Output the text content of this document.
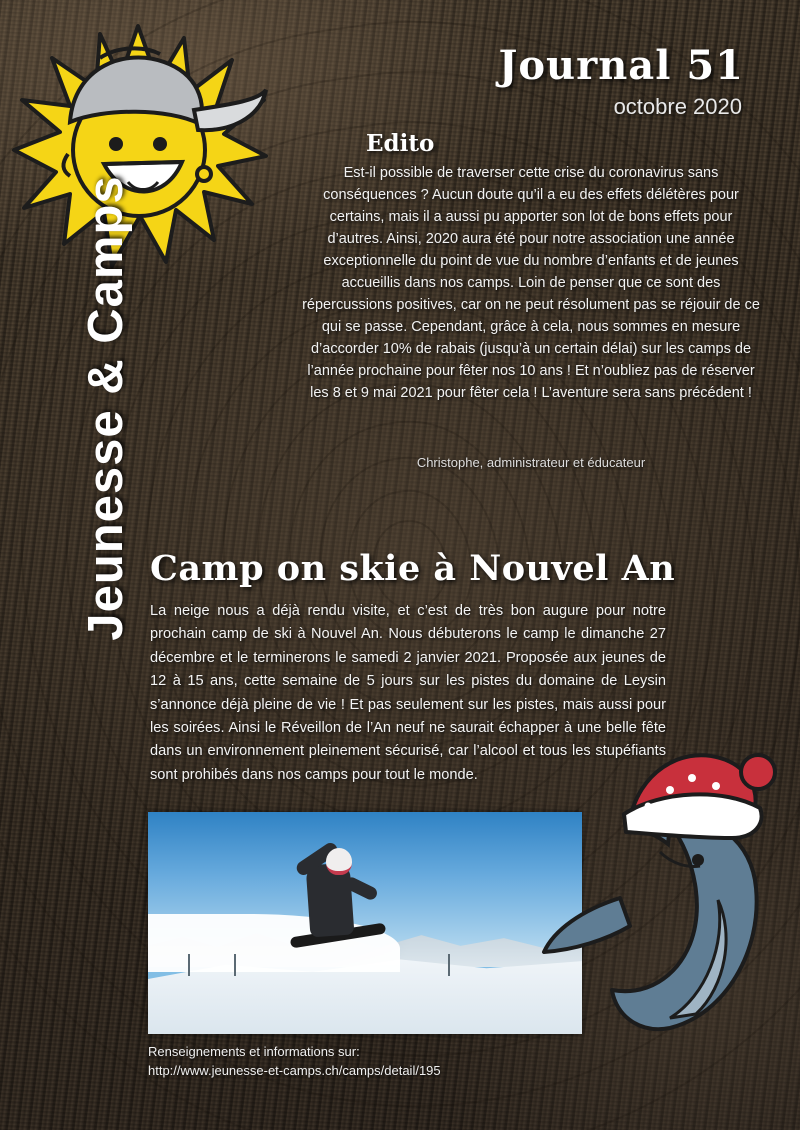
Jeunesse & Camps
Journal 51
octobre 2020
Edito
Est-il possible de traverser cette crise du coronavirus sans conséquences ? Aucun doute qu’il a eu des effets délétères pour certains, mais il a aussi pu apporter son lot de bons effets pour d’autres. Ainsi, 2020 aura été pour notre association une année exceptionnelle du point de vue du nombre d’enfants et de jeunes accueillis dans nos camps. Loin de penser que ce sont des répercussions positives, car on ne peut résolument pas se réjouir de ce qui se passe. Cependant, grâce à cela, nous sommes en mesure d’accorder 10% de rabais (jusqu’à un certain délai) sur les camps de l’année prochaine pour fêter nos 10 ans ! Et n’oubliez pas de réserver les 8 et 9 mai 2021 pour fêter cela ! L’aventure sera sans précédent !
Christophe, administrateur et éducateur
Camp on skie à Nouvel An
La neige nous a déjà rendu visite, et c’est de très bon augure pour notre prochain camp de ski à Nouvel An. Nous débuterons le camp le dimanche 27 décembre et le terminerons le samedi 2 janvier 2021. Proposée aux jeunes de 12 à 15 ans, cette semaine de 5 jours sur les pistes du domaine de Leysin s’annonce déjà pleine de vie ! Et pas seulement sur les pistes, mais aussi pour les soirées. Ainsi le Réveillon de l’An neuf ne saurait échapper à une belle fête dans un environnement pleinement sécurisé, car l’alcool et tous les stupéfiants sont prohibés dans nos camps pour tout le monde.
Renseignements et informations sur:
http://www.jeunesse-et-camps.ch/camps/detail/195
